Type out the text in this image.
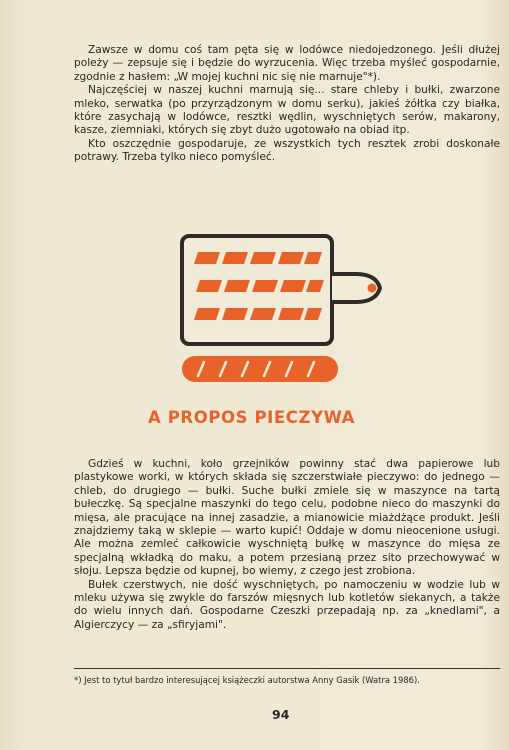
Zawsze w domu coś tam pęta się w lodówce niedojedzonego. Jeśli dłużej poleży — zepsuje się i będzie do wyrzucenia. Więc trzeba myśleć gospodarnie, zgodnie z hasłem: „W mojej kuchni nic się nie marnuje"*).

Najczęściej w naszej kuchni marnują się... stare chleby i bułki, zwarzone mleko, serwatka (po przyrządzonym w domu serku), jakieś żółtka czy białka, które zasychają w lodówce, resztki wędlin, wyschniętych serów, makarony, kasze, ziemniaki, których się zbyt dużo ugotowało na obiad itp.

Kto oszczędnie gospodaruje, ze wszystkich tych resztek zrobi doskonałe potrawy. Trzeba tylko nieco pomyśleć.

A PROPOS PIECZYWA

Gdzieś w kuchni, koło grzejników powinny stać dwa papierowe lub plastykowe worki, w których składa się szczerstwiałe pieczywo: do jednego — chleb, do drugiego — bułki. Suche bułki zmiele się w maszynce na tartą bułeczkę. Są specjalne maszynki do tego celu, podobne nieco do maszynki do mięsa, ale pracujące na innej zasadzie, a mianowicie miażdżące produkt. Jeśli znajdziemy taką w sklepie — warto kupić! Oddaje w domu nieocenione usługi. Ale można zemleć całkowicie wyschniętą bułkę w maszynce do mięsa ze specjalną wkładką do maku, a potem przesianą przez sito przechowywać w słoju. Lepsza będzie od kupnej, bo wiemy, z czego jest zrobiona.

Bułek czerstwych, nie dość wyschniętych, po namoczeniu w wodzie lub w mleku używa się zwykle do farszów mięsnych lub kotletów siekanych, a także do wielu innych dań. Gospodarne Czeszki przepadają np. za „knedlami", a Algierczycy — za „sfiryjami".

*) Jest to tytuł bardzo interesującej książeczki autorstwa Anny Gasik (Watra 1986).
94
